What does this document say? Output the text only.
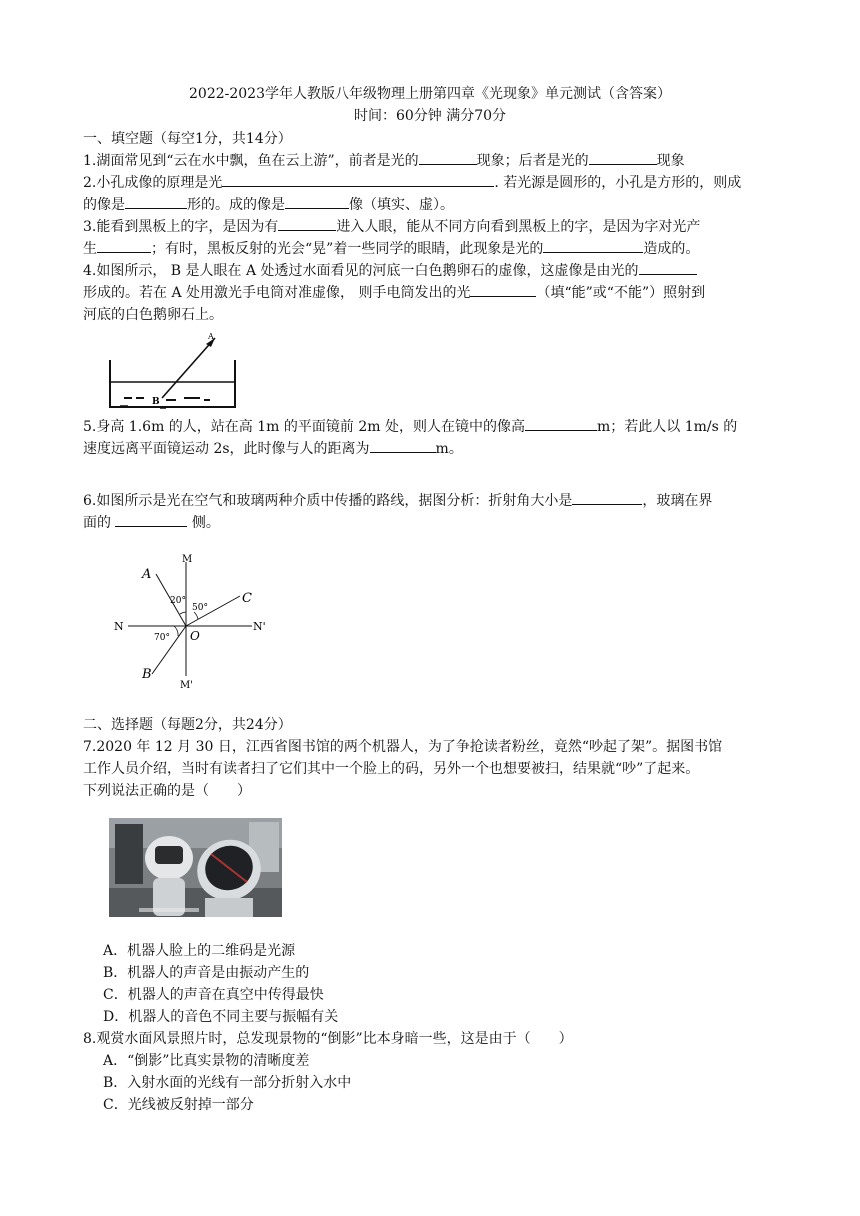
2022-2023学年人教版八年级物理上册第四章《光现象》单元测试（含答案）
时间：60分钟 满分70分
一、填空题（每空1分，共14分）
1.湖面常见到“云在水中飘，鱼在云上游”，前者是光的	现象；后者是光的	现象
2.小孔成像的原理是光	. 若光源是圆形的，小孔是方形的，则成
的像是	形的。成的像是	像（填实、虚）。
3.能看到黑板上的字，是因为有	进入人眼，能从不同方向看到黑板上的字，是因为字对光产
生	；有时，黑板反射的光会“晃”着一些同学的眼睛，此现象是光的	造成的。
4.如图所示， B 是人眼在 A 处透过水面看见的河底一白色鹅卵石的虚像，这虚像是由光的
形成的。若在 A 处用激光手电筒对准虚像， 则手电筒发出的光	（填“能”或“不能”）照射到
河底的白色鹅卵石上。
A
B
5.身高 1.6m 的人，站在高 1m 的平面镜前 2m 处，则人在镜中的像高	m；若此人以 1m/s 的
速度远离平面镜运动 2s，此时像与人的距离为	m。
6.如图所示是光在空气和玻璃两种介质中传播的路线，据图分析：折射角大小是	，玻璃在界
面的	侧。
M
M'
N	N'
O
A
B
C
20°
50°
70°
二、选择题（每题2分，共24分）
7.2020 年 12 月 30 日，江西省图书馆的两个机器人，为了争抢读者粉丝，竟然“吵起了架”。据图书馆
工作人员介绍，当时有读者扫了它们其中一个脸上的码，另外一个也想要被扫，结果就“吵”了起来。
下列说法正确的是（　　）
A．机器人脸上的二维码是光源
B．机器人的声音是由振动产生的
C．机器人的声音在真空中传得最快
D．机器人的音色不同主要与振幅有关
8.观赏水面风景照片时，总发现景物的“倒影”比本身暗一些，这是由于（　　）
A．“倒影”比真实景物的清晰度差
B．入射水面的光线有一部分折射入水中
C．光线被反射掉一部分
